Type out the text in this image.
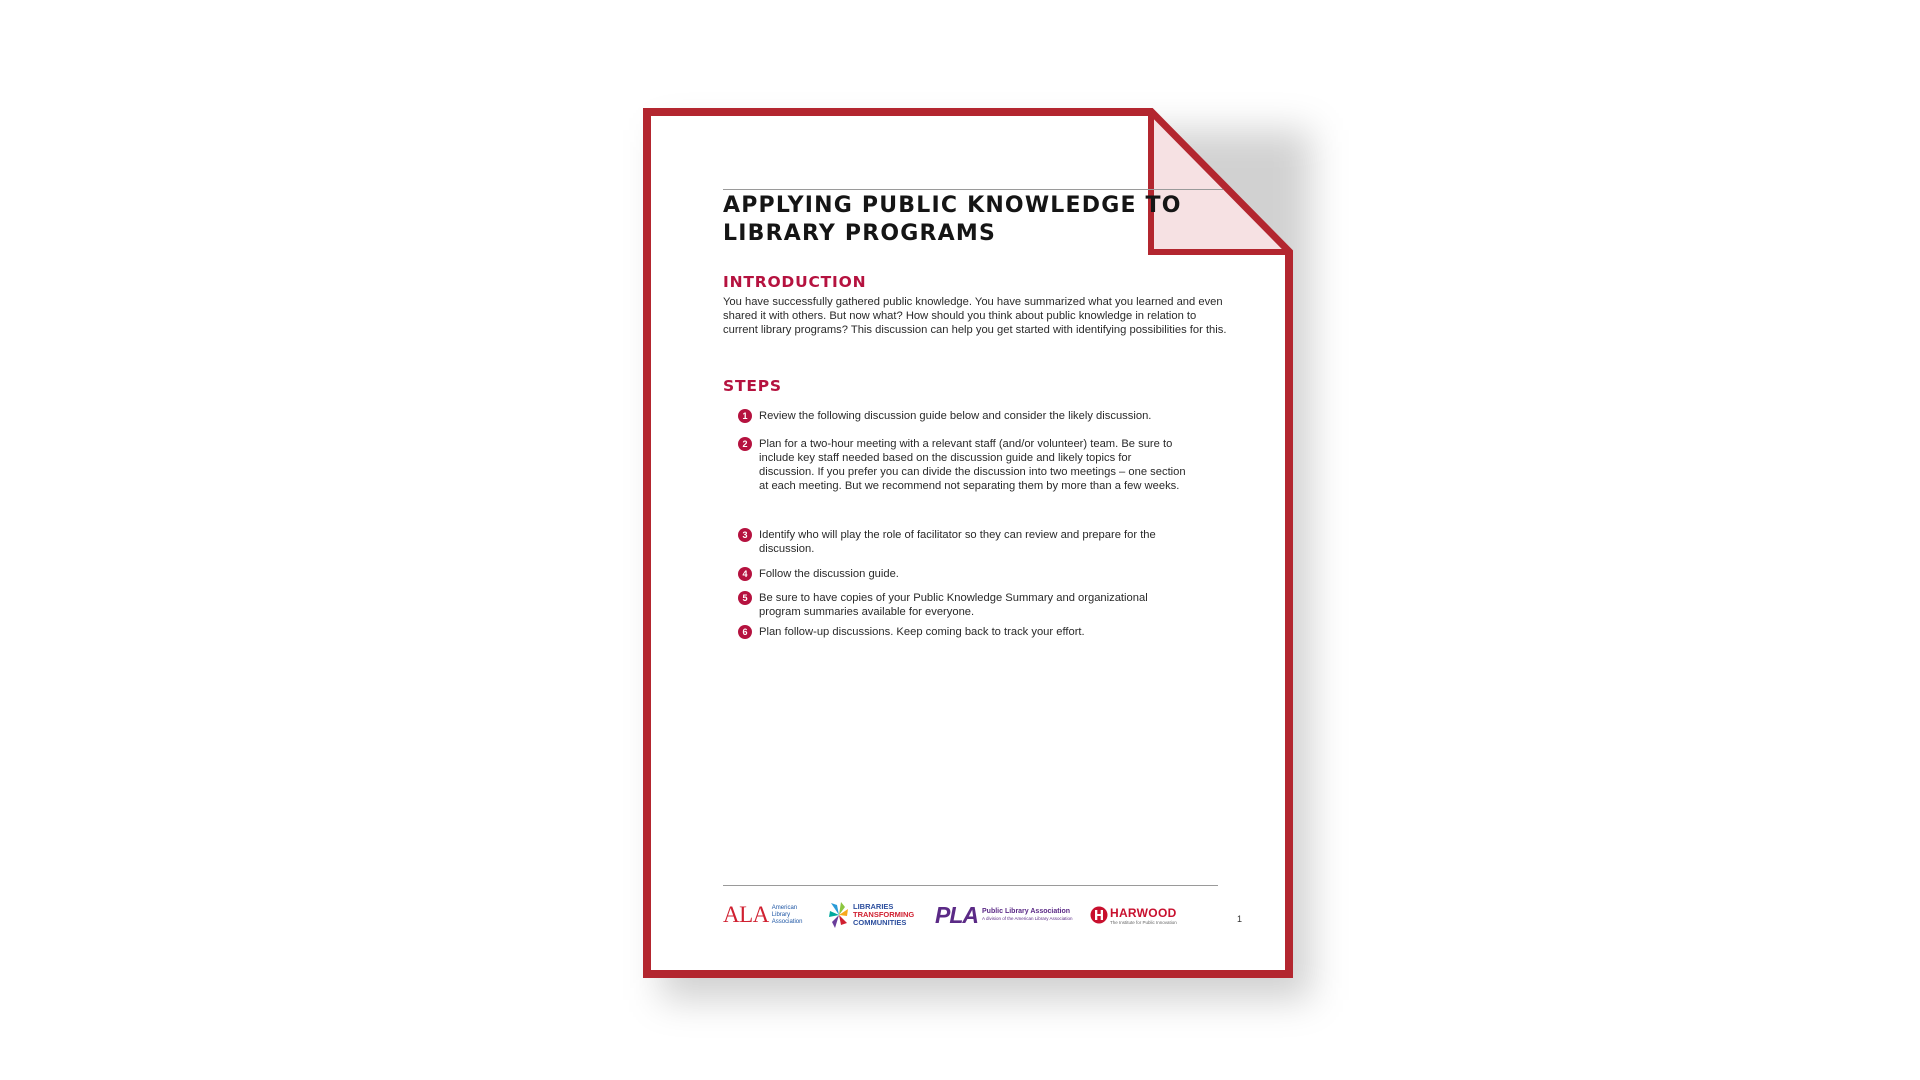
APPLYING PUBLIC KNOWLEDGE TO
LIBRARY PROGRAMS
INTRODUCTION

You have successfully gathered public knowledge. You have summarized what you learned and even shared it with others. But now what? How should you think about public knowledge in relation to current library programs? This discussion can help you get started with identifying possibilities for this.

STEPS
1	Review the following discussion guide below and consider the likely discussion.
2	Plan for a two-hour meeting with a relevant staff (and/or volunteer) team. Be sure to include key staff needed based on the discussion guide and likely topics for discussion. If you prefer you can divide the discussion into two meetings – one section at each meeting. But we recommend not separating them by more than a few weeks.
3	Identify who will play the role of facilitator so they can review and prepare for the discussion.
4	Follow the discussion guide.
5	Be sure to have copies of your Public Knowledge Summary and organizational program summaries available for everyone.
6	Plan follow-up discussions. Keep coming back to track your effort.
ALA American
Library
Association
LIBRARIES
TRANSFORMING
COMMUNITIES	PLA Public Library Association
A division of the American Library Association	HARWOOD
The Institute for Public Innovation	1
